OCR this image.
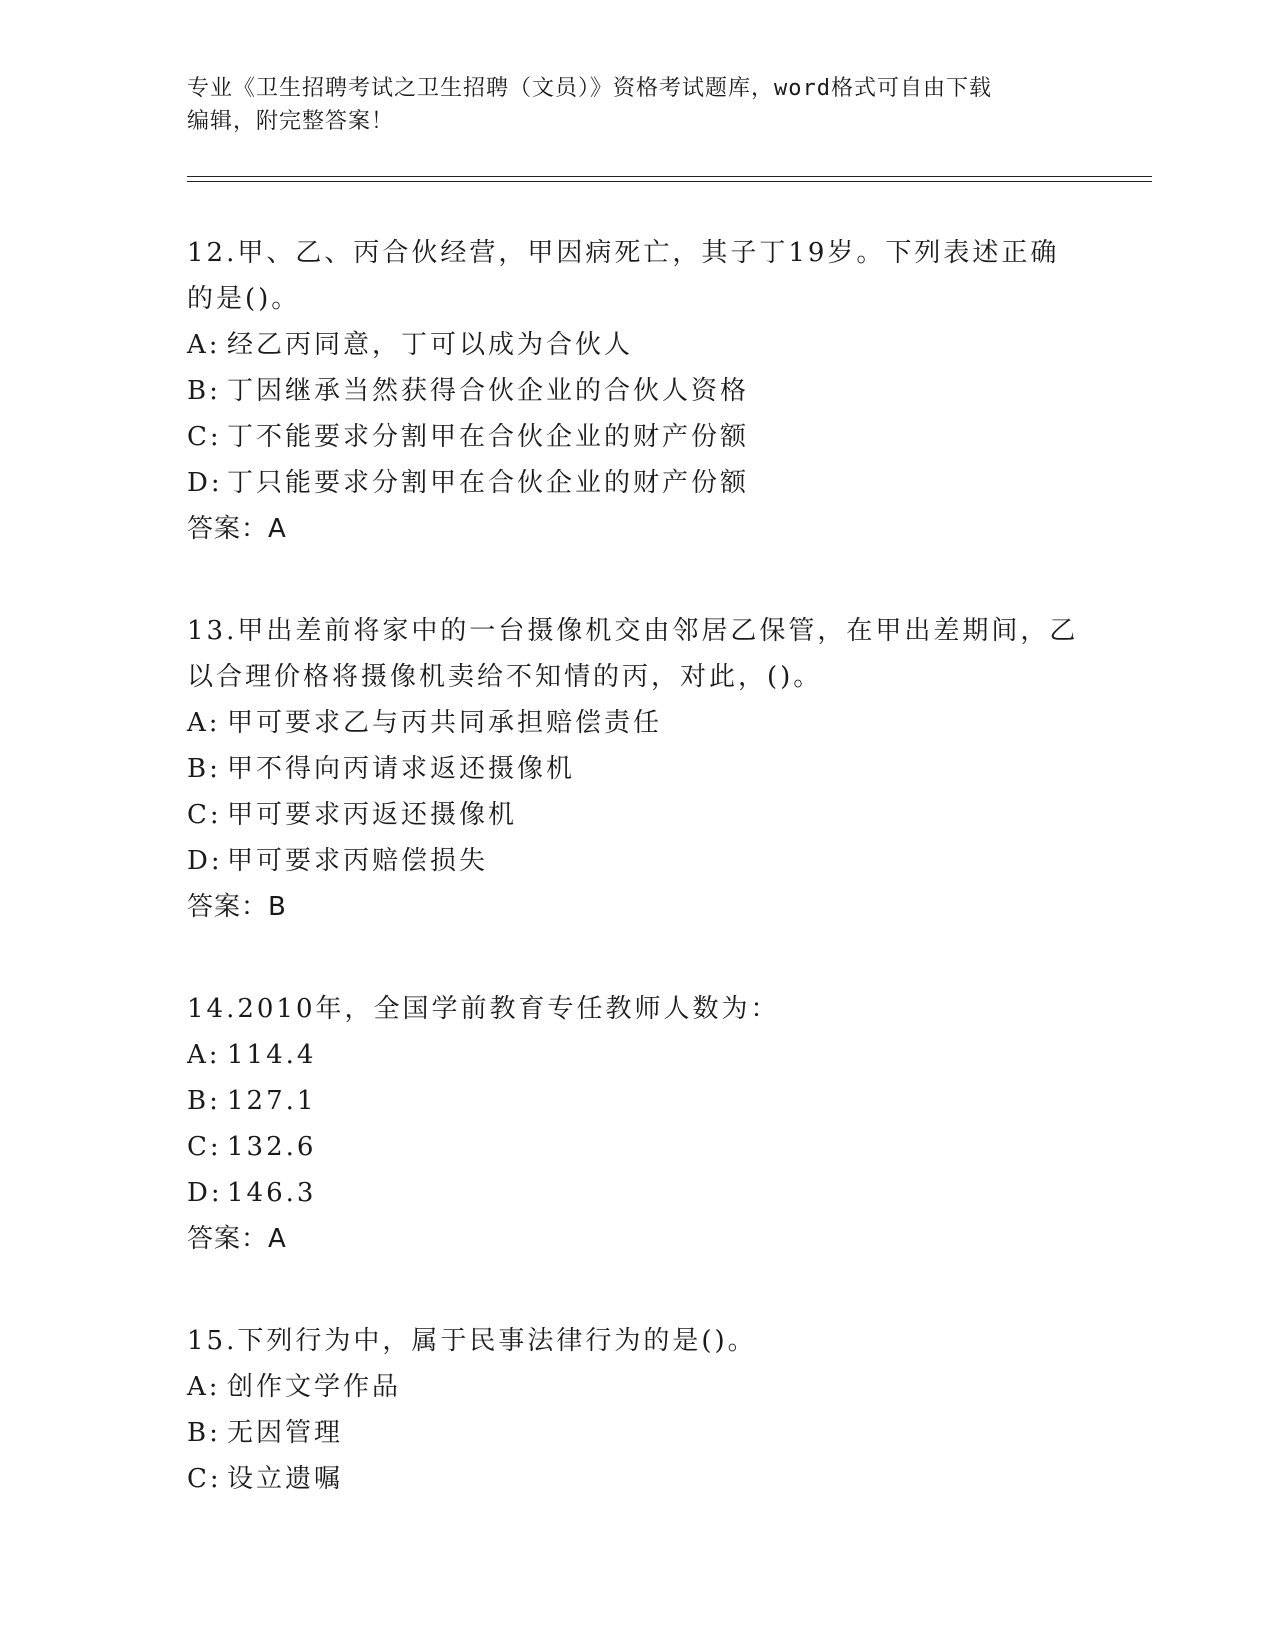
专业《卫生招聘考试之卫生招聘（文员）》资格考试题库，word格式可自由下载
编辑，附完整答案！

12.甲、乙、丙合伙经营，甲因病死亡，其子丁19岁。下列表述正确

的是()。

A: 经乙丙同意，丁可以成为合伙人

B: 丁因继承当然获得合伙企业的合伙人资格

C: 丁不能要求分割甲在合伙企业的财产份额

D: 丁只能要求分割甲在合伙企业的财产份额

答案：A

13.甲出差前将家中的一台摄像机交由邻居乙保管，在甲出差期间，乙

以合理价格将摄像机卖给不知情的丙，对此，()。

A: 甲可要求乙与丙共同承担赔偿责任

B: 甲不得向丙请求返还摄像机

C: 甲可要求丙返还摄像机

D: 甲可要求丙赔偿损失

答案：B

14.2010年，全国学前教育专任教师人数为：

A: 114.4

B: 127.1

C: 132.6

D: 146.3

答案：A

15.下列行为中，属于民事法律行为的是()。

A: 创作文学作品

B: 无因管理

C: 设立遗嘱
